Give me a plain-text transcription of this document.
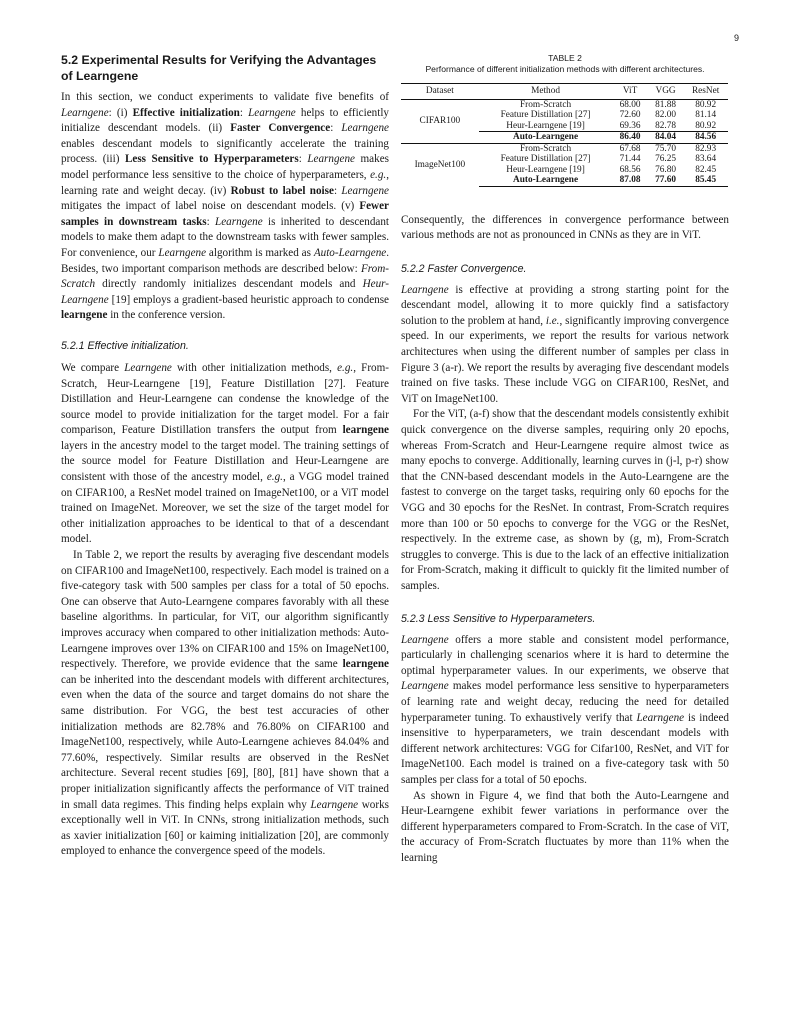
9
5.2 Experimental Results for Verifying the Advantages of Learngene

In this section, we conduct experiments to validate five benefits of Learngene: (i) Effective initialization: Learngene helps to efficiently initialize descendant models. (ii) Faster Convergence: Learngene enables descendant models to significantly accelerate the training process. (iii) Less Sensitive to Hyperparameters: Learngene makes model performance less sensitive to the choice of hyperparameters, e.g., learning rate and weight decay. (iv) Robust to label noise: Learngene mitigates the impact of label noise on descendant models. (v) Fewer samples in downstream tasks: Learngene is inherited to descendant models to make them adapt to the downstream tasks with fewer samples. For convenience, our Learngene algorithm is marked as Auto-Learngene. Besides, two important comparison methods are described below: From-Scratch directly randomly initializes descendant models and Heur-Learngene [19] employs a gradient-based heuristic approach to condense learngene in the conference version.

5.2.1 Effective initialization.

We compare Learngene with other initialization methods, e.g., From-Scratch, Heur-Learngene [19], Feature Distillation [27]. Feature Distillation and Heur-Learngene can condense the knowledge of the source model to provide initialization for the target model. For a fair comparison, Feature Distillation transfers the output from learngene layers in the ancestry model to the target model. The training settings of the source model for Feature Distillation and Heur-Learngene are consistent with those of the ancestry model, e.g., a VGG model trained on CIFAR100, a ResNet model trained on ImageNet100, or a ViT model trained on ImageNet. Moreover, we set the size of the target model for other initialization approaches to be identical to that of a descendant model.

In Table 2, we report the results by averaging five descendant models on CIFAR100 and ImageNet100, respectively. Each model is trained on a five-category task with 500 samples per class for a total of 50 epochs. One can observe that Auto-Learngene compares favorably with all these baseline algorithms. In particular, for ViT, our algorithm significantly improves accuracy when compared to other initialization methods: Auto-Learngene improves over 13% on CIFAR100 and 15% on ImageNet100, respectively. Therefore, we provide evidence that the same learngene can be inherited into the descendant models with different architectures, even when the data of the source and target domains do not share the same distribution. For VGG, the best test accuracies of other initialization methods are 82.78% and 76.80% on CIFAR100 and ImageNet100, respectively, while Auto-Learngene achieves 84.04% and 77.60%, respectively. Similar results are observed in the ResNet architecture. Several recent studies [69], [80], [81] have shown that a proper initialization significantly affects the performance of ViT trained in small data regimes. This finding helps explain why Learngene works exceptionally well in ViT. In CNNs, strong initialization methods, such as xavier initialization [60] or kaiming initialization [20], are commonly employed to enhance the convergence speed of the models.

TABLE 2
Performance of different initialization methods with different architectures.
Dataset	Method	ViT	VGG	ResNet
CIFAR100	From-Scratch	68.00	81.88	80.92
	Feature Distillation [27]	72.60	82.00	81.14
	Heur-Learngene [19]	69.36	82.78	80.92
	Auto-Learngene	86.40	84.04	84.56
ImageNet100	From-Scratch	67.68	75.70	82.93
	Feature Distillation [27]	71.44	76.25	83.64
	Heur-Learngene [19]	68.56	76.80	82.45
	Auto-Learngene	87.08	77.60	85.45

Consequently, the differences in convergence performance between various methods are not as pronounced in CNNs as they are in ViT.

5.2.2 Faster Convergence.

Learngene is effective at providing a strong starting point for the descendant model, allowing it to more quickly find a satisfactory solution to the problem at hand, i.e., significantly improving convergence speed. In our experiments, we report the results for various network architectures when using the different number of samples per class in Figure 3 (a-r). We report the results by averaging five descendant models trained on five tasks. These include VGG on CIFAR100, ResNet, and ViT on ImageNet100.

For the ViT, (a-f) show that the descendant models consistently exhibit quick convergence on the diverse samples, requiring only 20 epochs, whereas From-Scratch and Heur-Learngene require almost twice as many epochs to converge. Additionally, learning curves in (j-l, p-r) show that the CNN-based descendant models in the Auto-Learngene are the fastest to converge on the target tasks, requiring only 60 epochs for the VGG and 30 epochs for the ResNet. In contrast, From-Scratch requires more than 100 or 50 epochs to converge for the VGG or the ResNet, respectively. In the extreme case, as shown by (g, m), From-Scratch struggles to converge. This is due to the lack of an effective initialization for From-Scratch, making it difficult to quickly fit the limited number of samples.

5.2.3 Less Sensitive to Hyperparameters.

Learngene offers a more stable and consistent model performance, particularly in challenging scenarios where it is hard to determine the optimal hyperparameter values. In our experiments, we observe that Learngene makes model performance less sensitive to hyperparameters of learning rate and weight decay, reducing the need for detailed hyperparameter tuning. To exhaustively verify that Learngene is indeed insensitive to hyperparameters, we train descendant models with different network architectures: VGG for Cifar100, ResNet, and ViT for ImageNet100. Each model is trained on a five-category task with 50 samples per class for a total of 50 epochs.

As shown in Figure 4, we find that both the Auto-Learngene and Heur-Learngene exhibit fewer variations in performance over the different hyperparameters compared to From-Scratch. In the case of ViT, the accuracy of From-Scratch fluctuates by more than 11% when the learning
